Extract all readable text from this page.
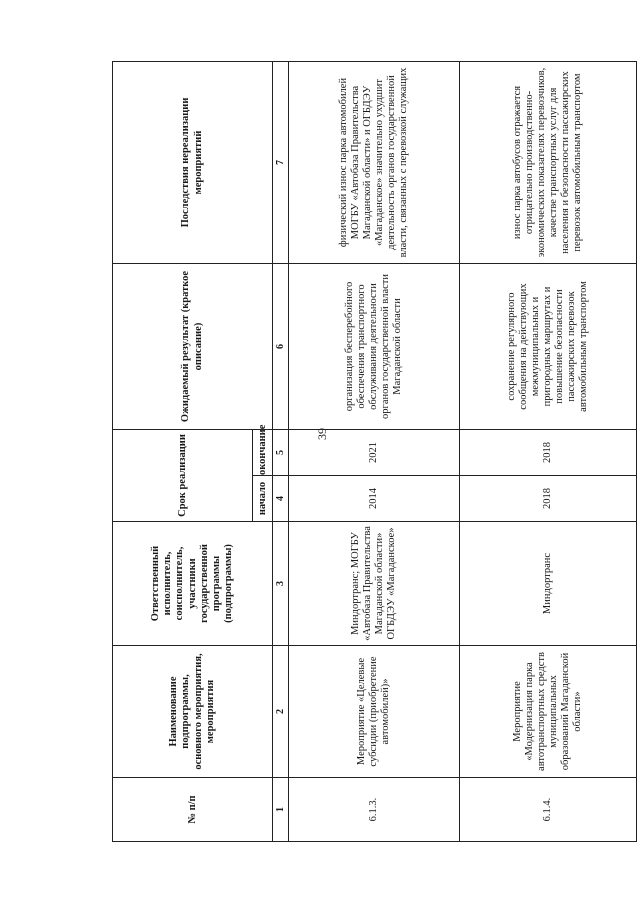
39
№ п/п	Наименование подпрограммы, основного мероприятия, мероприятия	Ответственный исполнитель, соисполнитель, участники государственной программы (подпрограммы)	Срок реализации		Ожидаемый результат (краткое описание)	Последствия нереализации мероприятий
			начало	окончание		
1	2	3	4	5	6	7
6.1.3.	Мероприятие «Целевые субсидии (приобретение автомобилей)»	Миндортранс; МОГБУ «Автобаза Правительства Магаданской области» ОГБДЭУ «Магаданское»	2014	2021	организация бесперебойного обеспечения транспортного обслуживания деятельности органов государственной власти Магаданской области	физический износ парка автомобилей МОГБУ «Автобаза Правительства Магаданской области» и ОГБДЭУ «Магаданское» значительно ухудшит деятельность органов государственной власти, связанных с перевозкой служащих
6.1.4.	Мероприятие «Модернизация парка автотранспортных средств муниципальных образований Магаданской области»	Миндортранс	2018	2018	сохранение регулярного сообщения на действующих межмуниципальных и пригородных маршрутах и повышение безопасности пассажирских перевозок автомобильным транспортом	износ парка автобусов отражается отрицательно производственно-экономических показателях перевозчиков, качестве транспортных услуг для населения и безопасности пассажирских перевозок автомобильным транспортом
